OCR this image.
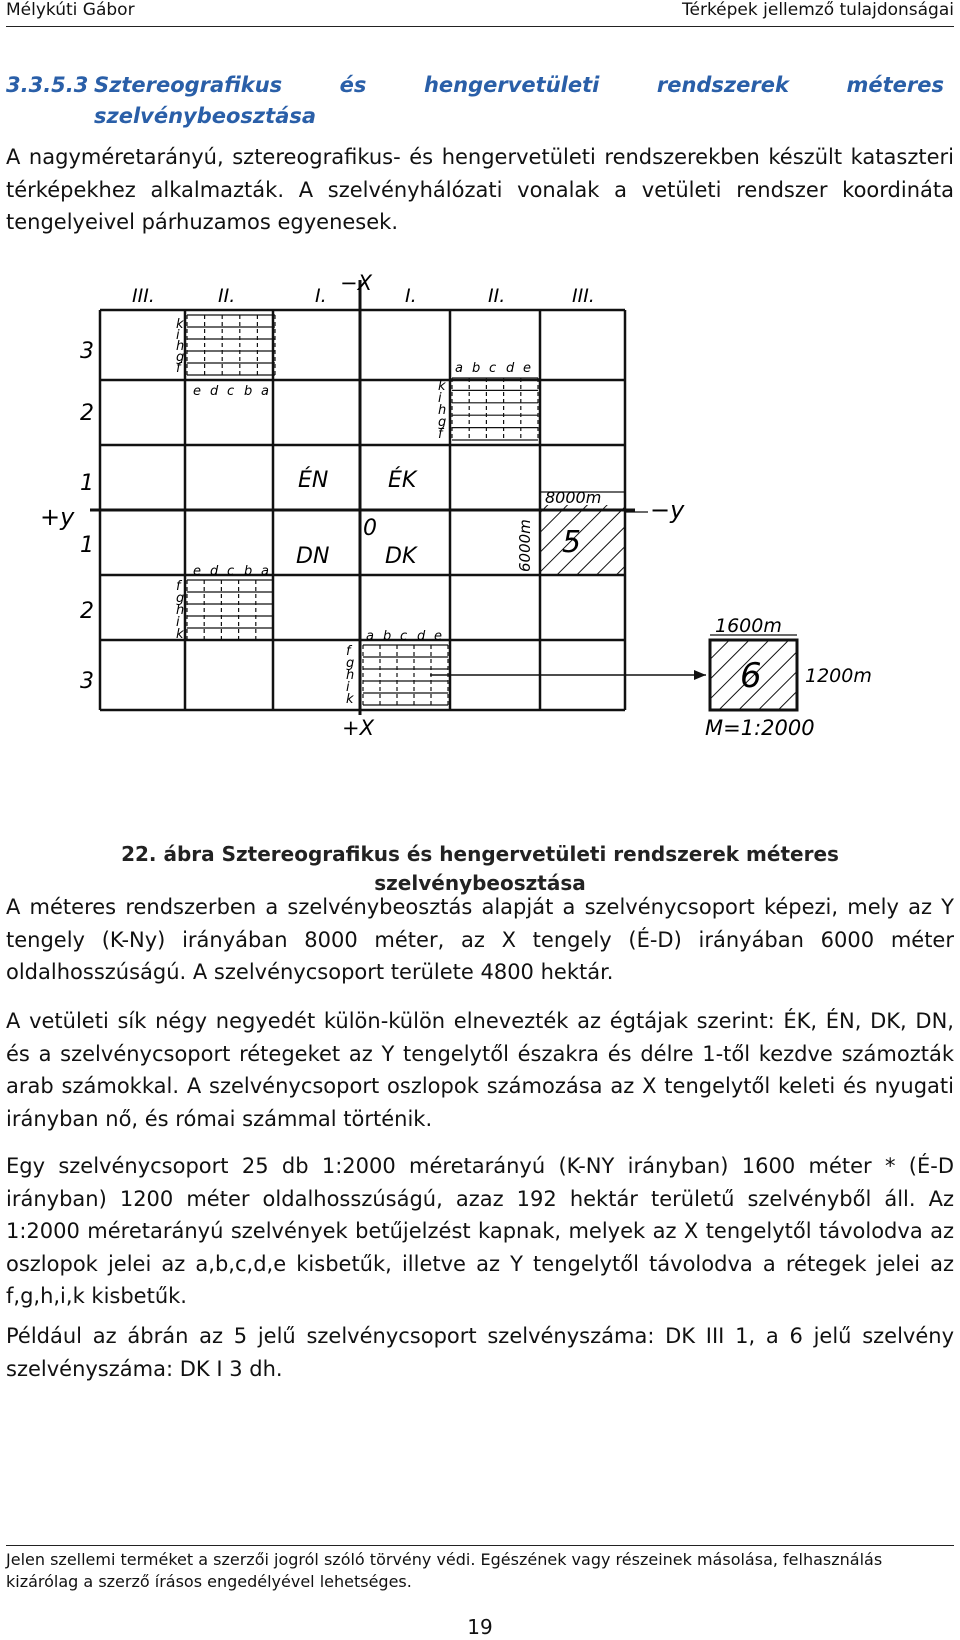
Mélykúti Gábor	Térképek jellemző tulajdonságai
3.3.5.3 Sztereografikus és hengervetületi rendszerek méteres
szelvénybeosztása
A nagyméretarányú, sztereografikus- és hengervetületi rendszerekben készült kataszteri térképekhez alkalmazták. A szelvényhálózati vonalak a vetületi rendszer koordináta tengelyeivel párhuzamos egyenesek.
III.	II.	I.
−X
I.	II.	III.
3
2
1
+y
1
2
3
−y
+X
ÉN	ÉK
0
DN	DK
8000m
6000m 5
1600m
6 1200m
M=1:2000
k
i
h
g
f
e d c b a
a b c d e
k
i
h
g
f
e d c b a
f
g
h
i
k	a b c d e
f
g
h
i
k
22. ábra Sztereografikus és hengervetületi rendszerek méteres
szelvénybeosztása
A méteres rendszerben a szelvénybeosztás alapját a szelvénycsoport képezi, mely az Y tengely (K-Ny) irányában 8000 méter, az X tengely (É-D) irányában 6000 méter oldalhosszúságú. A szelvénycsoport területe 4800 hektár.
A vetületi sík négy negyedét külön-külön elnevezték az égtájak szerint: ÉK, ÉN, DK, DN, és a szelvénycsoport rétegeket az Y tengelytől északra és délre 1-től kezdve számozták arab számokkal. A szelvénycsoport oszlopok számozása az X tengelytől keleti és nyugati irányban nő, és római számmal történik.
Egy szelvénycsoport 25 db 1:2000 méretarányú (K-NY irányban) 1600 méter * (É-D irányban) 1200 méter oldalhosszúságú, azaz 192 hektár területű szelvényből áll. Az 1:2000 méretarányú szelvények betűjelzést kapnak, melyek az X tengelytől távolodva az oszlopok jelei az a,b,c,d,e kisbetűk, illetve az Y tengelytől távolodva a rétegek jelei az f,g,h,i,k kisbetűk.
Például az ábrán az 5 jelű szelvénycsoport szelvényszáma: DK III 1, a 6 jelű szelvény szelvényszáma: DK I 3 dh.
Jelen szellemi terméket a szerzői jogról szóló törvény védi. Egészének vagy részeinek másolása, felhasználás kizárólag a szerző írásos engedélyével lehetséges.
19
